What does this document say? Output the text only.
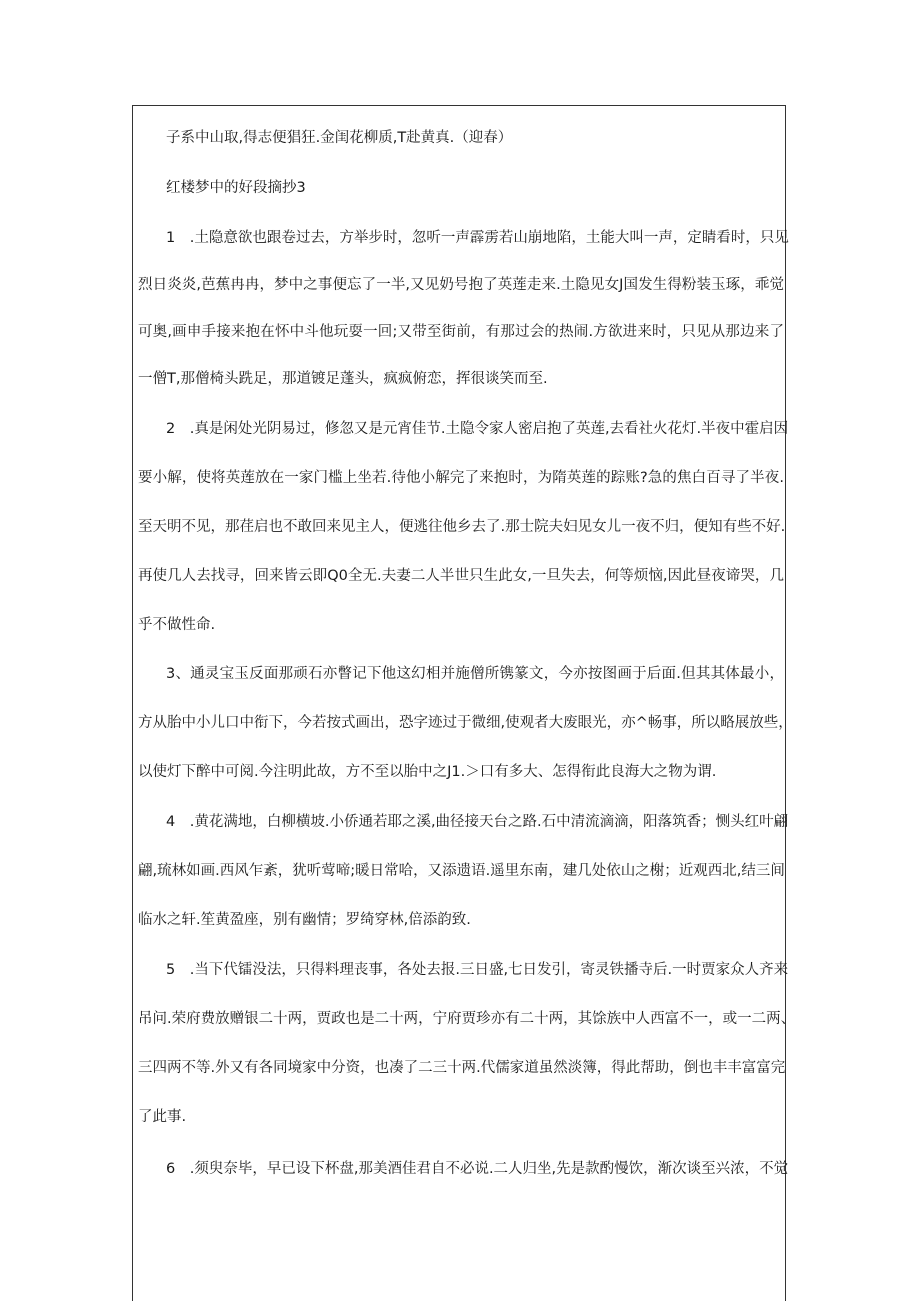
子系中山取,得志便猖狂.金闺花柳质,T赴黄真.（迎春）
红楼梦中的好段摘抄3
1　.土隐意欲也跟卷过去，方举步时，忽听一声霹雳若山崩地陷，土能大叫一声，定睛看时，只见
烈日炎炎,芭蕉冉冉，梦中之事便忘了一半,又见奶号抱了英莲走来.土隐见女J国发生得粉装玉琢，乖觉
可奥,画申手接来抱在怀中斗他玩耍一回;又带至街前，有那过会的热闹.方欲进来时，只见从那边来了
一僧T,那僧椅头跣足，那道镀足蓬头，疯疯俯恋，挥很谈笑而至.
2　.真是闲处光阴易过，修忽又是元宵佳节.土隐令家人密启抱了英莲,去看社火花灯.半夜中霍启因
要小解，使将英莲放在一家门槛上坐若.待他小解完了来抱时，为隋英莲的踪账?急的焦白百寻了半夜.
至天明不见，那荏启也不敢回来见主人，便逃往他乡去了.那士院夫妇见女儿一夜不归，便知有些不好.
再使几人去找寻，回来皆云即Q0全无.夫妻二人半世只生此女,一旦失去，何等烦恼,因此昼夜谛哭，几
乎不做性命.
3、通灵宝玉反面那顽石亦瞥记下他这幻相并施僧所镌篆文，今亦按图画于后面.但其其体最小，
方从胎中小儿口中衔下，今若按式画出，恐字迹过于微细,使观者大废眼光，亦^畅事，所以略展放些，
以使灯下醉中可阅.今注明此故，方不至以胎中之J1.＞口有多大、怎得衔此良海大之物为谓.
4　.黄花满地，白柳横坡.小侨通若耶之溪,曲径接天台之路.石中清流滴滴，阳落筑香；恻头红叶翩
翩,琉林如画.西风乍紊，犹听莺啼;暖日常哈，又添遗语.遥里东南，建几处依山之榭；近观西北,结三间
临水之轩.笙黄盈座，别有幽情；罗绮穿林,倍添韵致.
5　.当下代镭没法，只得料理丧事，各处去报.三日盛,七日发引，寄灵铁播寺后.一时贾家众人齐来
吊问.荣府费放赠银二十两，贾政也是二十两，宁府贾珍亦有二十两，其馀族中人西富不一，或一二两、
三四两不等.外又有各同境家中分资，也凑了二三十两.代儒家道虽然淡簿，得此帮助，倒也丰丰富富完
了此事.
6　.须臾奈毕，早已设下杯盘,那美酒佳君自不必说.二人归坐,先是款酌慢饮，渐次谈至兴浓，不觉
